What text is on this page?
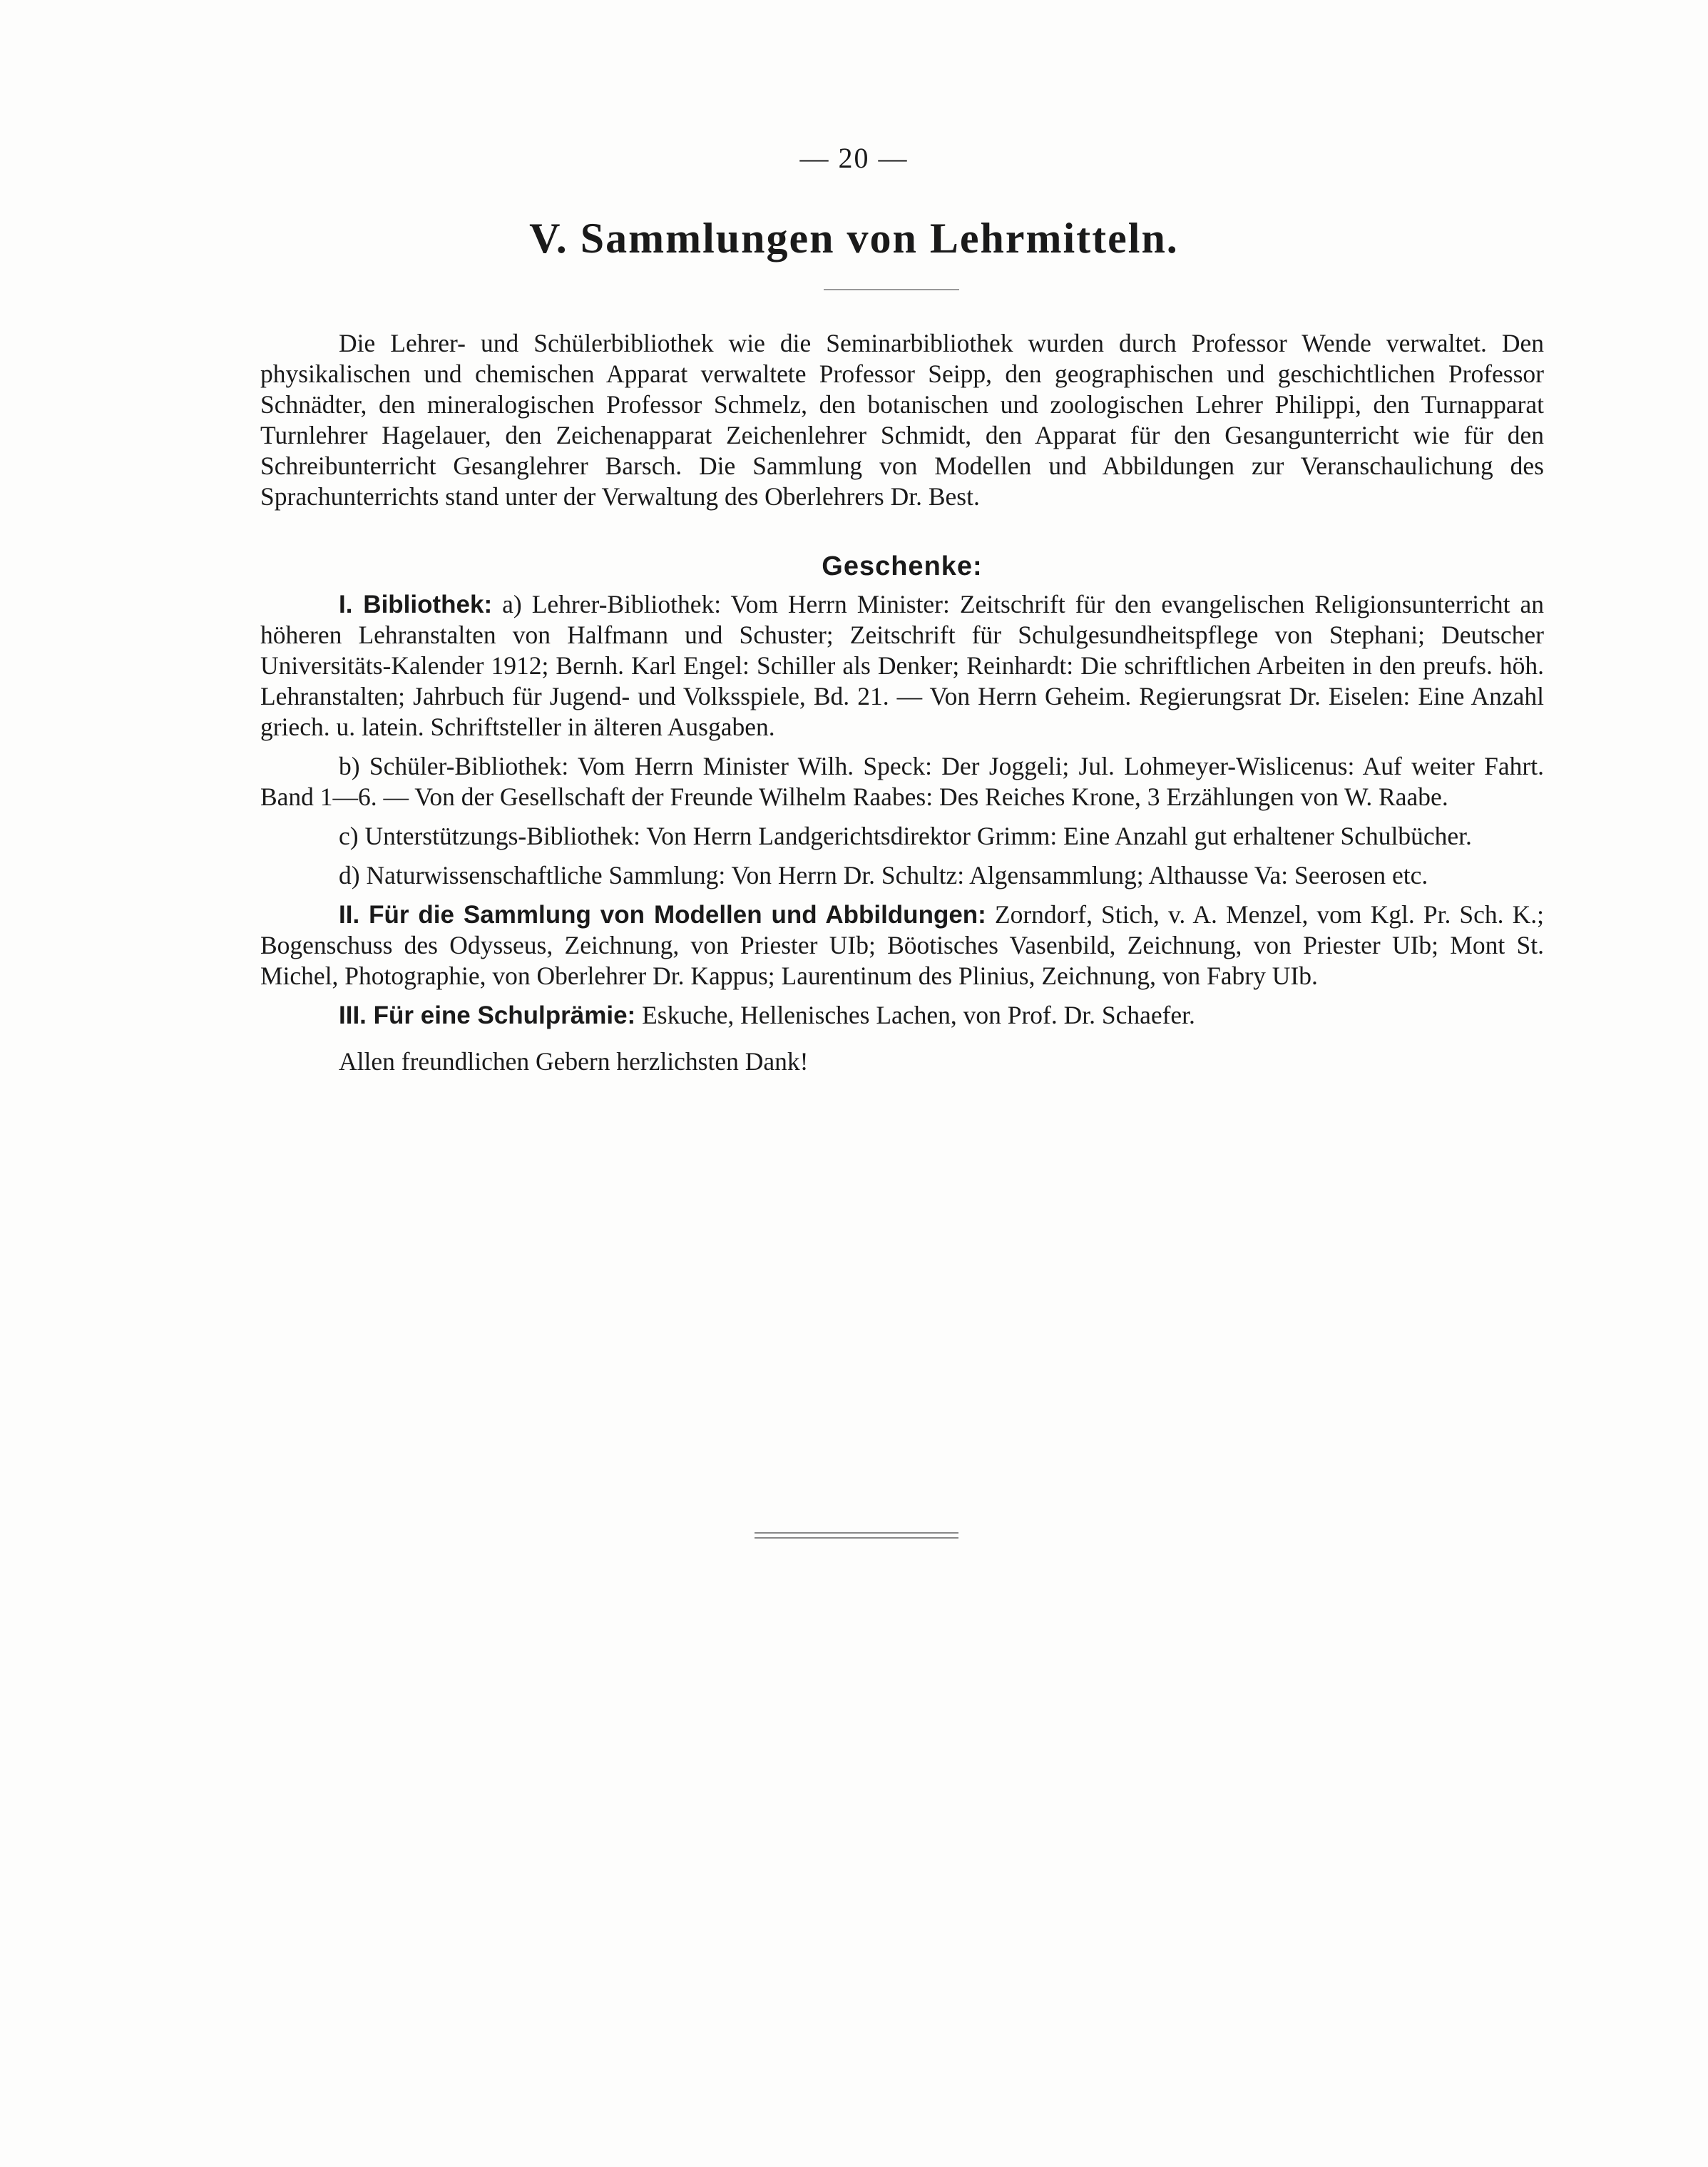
— 20 —
V. Sammlungen von Lehrmitteln.

Die Lehrer- und Schülerbibliothek wie die Seminarbibliothek wurden durch Professor Wende verwaltet. Den physikalischen und chemischen Apparat verwaltete Professor Seipp, den geographischen und geschichtlichen Professor Schnädter, den mineralogischen Professor Schmelz, den botanischen und zoologischen Lehrer Philippi, den Turnapparat Turnlehrer Hagelauer, den Zeichenapparat Zeichenlehrer Schmidt, den Apparat für den Gesangunterricht wie für den Schreibunterricht Gesanglehrer Barsch. Die Sammlung von Modellen und Abbildungen zur Veranschaulichung des Sprachunterrichts stand unter der Verwaltung des Oberlehrers Dr. Best.

Geschenke:

I. Bibliothek: a) Lehrer-Bibliothek: Vom Herrn Minister: Zeitschrift für den evangelischen Religionsunterricht an höheren Lehranstalten von Halfmann und Schuster; Zeitschrift für Schulgesundheitspflege von Stephani; Deutscher Universitäts-Kalender 1912; Bernh. Karl Engel: Schiller als Denker; Reinhardt: Die schriftlichen Arbeiten in den preufs. höh. Lehranstalten; Jahrbuch für Jugend- und Volksspiele, Bd. 21. — Von Herrn Geheim. Regierungsrat Dr. Eiselen: Eine Anzahl griech. u. latein. Schriftsteller in älteren Ausgaben.

b) Schüler-Bibliothek: Vom Herrn Minister Wilh. Speck: Der Joggeli; Jul. Lohmeyer-Wislicenus: Auf weiter Fahrt. Band 1—6. — Von der Gesellschaft der Freunde Wilhelm Raabes: Des Reiches Krone, 3 Erzählungen von W. Raabe.

c) Unterstützungs-Bibliothek: Von Herrn Landgerichtsdirektor Grimm: Eine Anzahl gut erhaltener Schulbücher.

d) Naturwissenschaftliche Sammlung: Von Herrn Dr. Schultz: Algensammlung; Althausse Va: Seerosen etc.

II. Für die Sammlung von Modellen und Abbildungen: Zorndorf, Stich, v. A. Menzel, vom Kgl. Pr. Sch. K.; Bogenschuss des Odysseus, Zeichnung, von Priester UIb; Böotisches Vasenbild, Zeichnung, von Priester UIb; Mont St. Michel, Photographie, von Oberlehrer Dr. Kappus; Laurentinum des Plinius, Zeichnung, von Fabry UIb.

III. Für eine Schulprämie: Eskuche, Hellenisches Lachen, von Prof. Dr. Schaefer.

Allen freundlichen Gebern herzlichsten Dank!
